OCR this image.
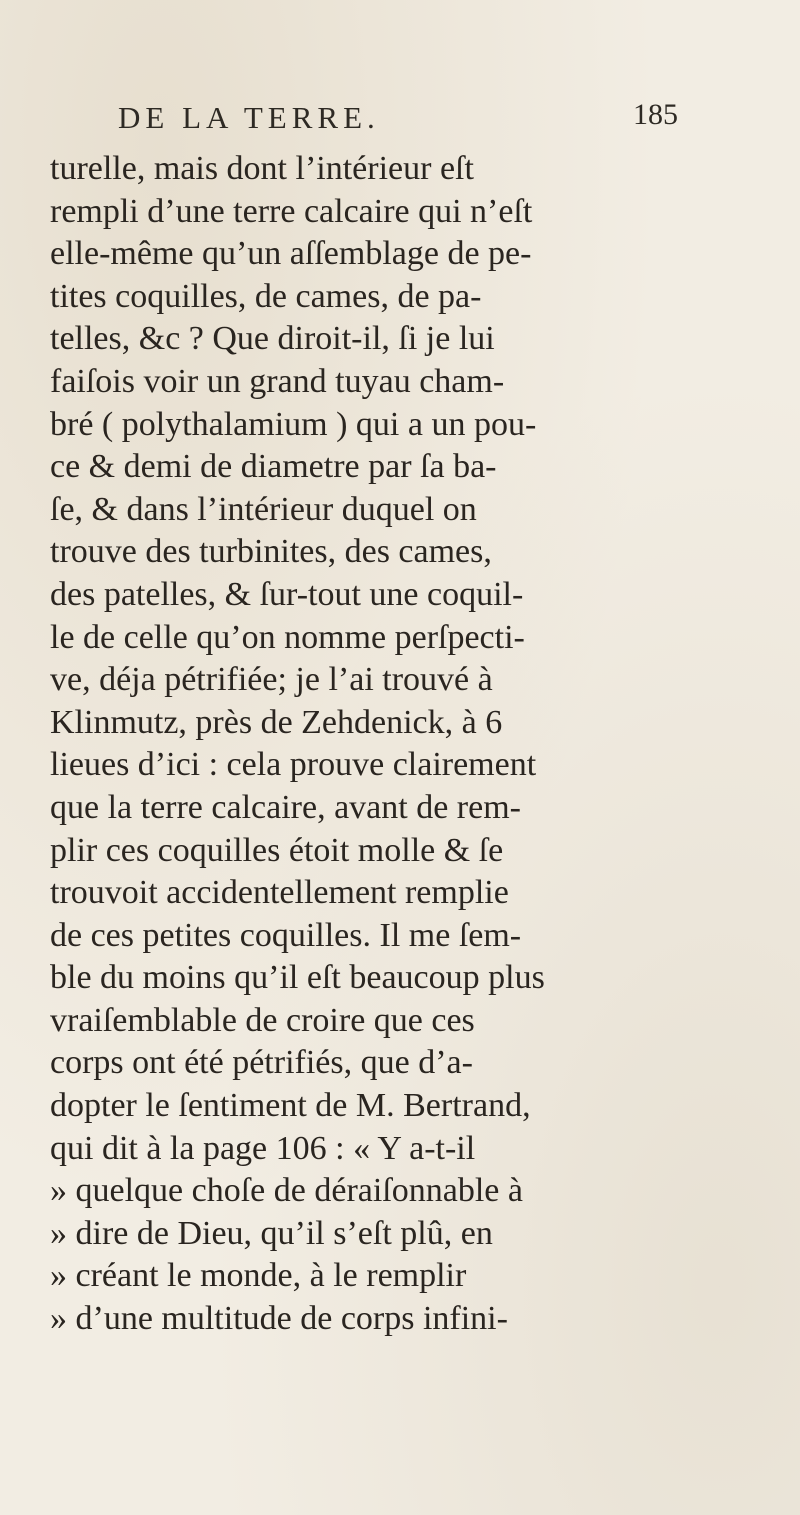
DE LA TERRE.	185
turelle, mais dont l’intérieur eſt
rempli d’une terre calcaire qui n’eſt
elle-même qu’un aſſemblage de pe-
tites coquilles, de cames, de pa-
telles, &c ? Que diroit-il, ſi je lui
faiſois voir un grand tuyau cham-
bré ( polythalamium ) qui a un pou-
ce & demi de diametre par ſa ba-
ſe, & dans l’intérieur duquel on
trouve des turbinites, des cames,
des patelles, & ſur-tout une coquil-
le de celle qu’on nomme perſpecti-
ve, déja pétrifiée; je l’ai trouvé à
Klinmutz, près de Zehdenick, à 6
lieues d’ici : cela prouve clairement
que la terre calcaire, avant de rem-
plir ces coquilles étoit molle & ſe
trouvoit accidentellement remplie
de ces petites coquilles. Il me ſem-
ble du moins qu’il eſt beaucoup plus
vraiſemblable de croire que ces
corps ont été pétrifiés, que d’a-
dopter le ſentiment de M. Bertrand,
qui dit à la page 106 : « Y a-t-il
» quelque choſe de déraiſonnable à
» dire de Dieu, qu’il s’eſt plû, en
» créant le monde, à le remplir
» d’une multitude de corps infini-
